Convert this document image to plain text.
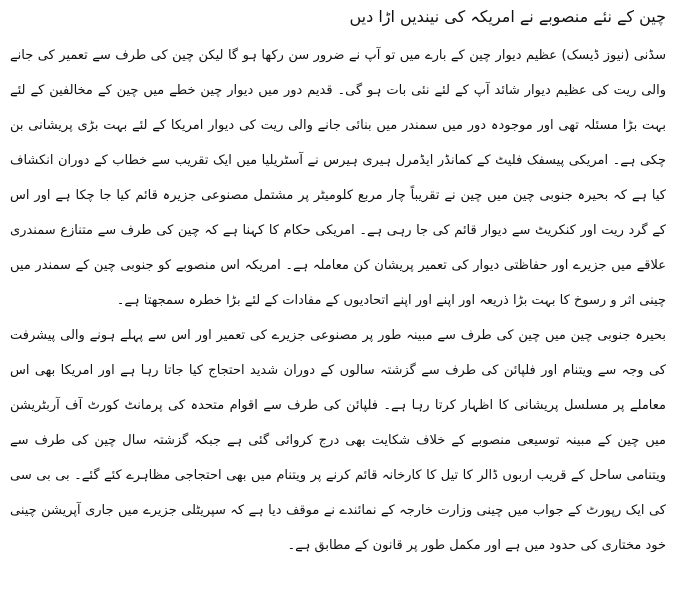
چین کے نئے منصوبے نے امریکہ کی نیندیں اڑا دیں

سڈنی (نیوز ڈیسک) عظیم دیوار چین کے بارے میں تو آپ نے ضرور سن رکھا ہو گا لیکن چین کی طرف سے تعمیر کی جانے والی ریت کی عظیم دیوار شائد آپ کے لئے نئی بات ہو گی۔ قدیم دور میں دیوار چین خطے میں چین کے مخالفین کے لئے بہت بڑا مسئلہ تھی اور موجودہ دور میں سمندر میں بنائی جانے والی ریت کی دیوار امریکا کے لئے بہت بڑی پریشانی بن چکی ہے۔ امریکی پیسفک فلیٹ کے کمانڈر ایڈمرل ہیری ہیرس نے آسٹریلیا میں ایک تقریب سے خطاب کے دوران انکشاف کیا ہے کہ بحیرہ جنوبی چین میں چین نے تقریباً چار مربع کلومیٹر پر مشتمل مصنوعی جزیرہ قائم کیا جا چکا ہے اور اس کے گرد ریت اور کنکریٹ سے دیوار قائم کی جا رہی ہے۔ امریکی حکام کا کہنا ہے کہ چین کی طرف سے متنازع سمندری علاقے میں جزیرے اور حفاظتی دیوار کی تعمیر پریشان کن معاملہ ہے۔ امریکہ اس منصوبے کو جنوبی چین کے سمندر میں چینی اثر و رسوخ کا بہت بڑا ذریعہ اور اپنے اور اپنے اتحادیوں کے مفادات کے لئے بڑا خطرہ سمجھتا ہے۔

بحیرہ جنوبی چین میں چین کی طرف سے مبینہ طور پر مصنوعی جزیرے کی تعمیر اور اس سے پہلے ہونے والی پیشرفت کی وجہ سے ویتنام اور فلپائن کی طرف سے گزشتہ سالوں کے دوران شدید احتجاج کیا جاتا رہا ہے اور امریکا بھی اس معاملے پر مسلسل پریشانی کا اظہار کرتا رہا ہے۔ فلپائن کی طرف سے اقوام متحدہ کی پرمانٹ کورٹ آف آربٹریشن میں چین کے مبینہ توسیعی منصوبے کے خلاف شکایت بھی درج کروائی گئی ہے جبکہ گزشتہ سال چین کی طرف سے ویتنامی ساحل کے قریب اربوں ڈالر کا تیل کا کارخانہ قائم کرنے پر ویتنام میں بھی احتجاجی مظاہرے کئے گئے۔ بی بی سی کی ایک رپورٹ کے جواب میں چینی وزارت خارجہ کے نمائندے نے موقف دیا ہے کہ سپریٹلی جزیرے میں جاری آپریشن چینی خود مختاری کی حدود میں ہے اور مکمل طور پر قانون کے مطابق ہے۔
